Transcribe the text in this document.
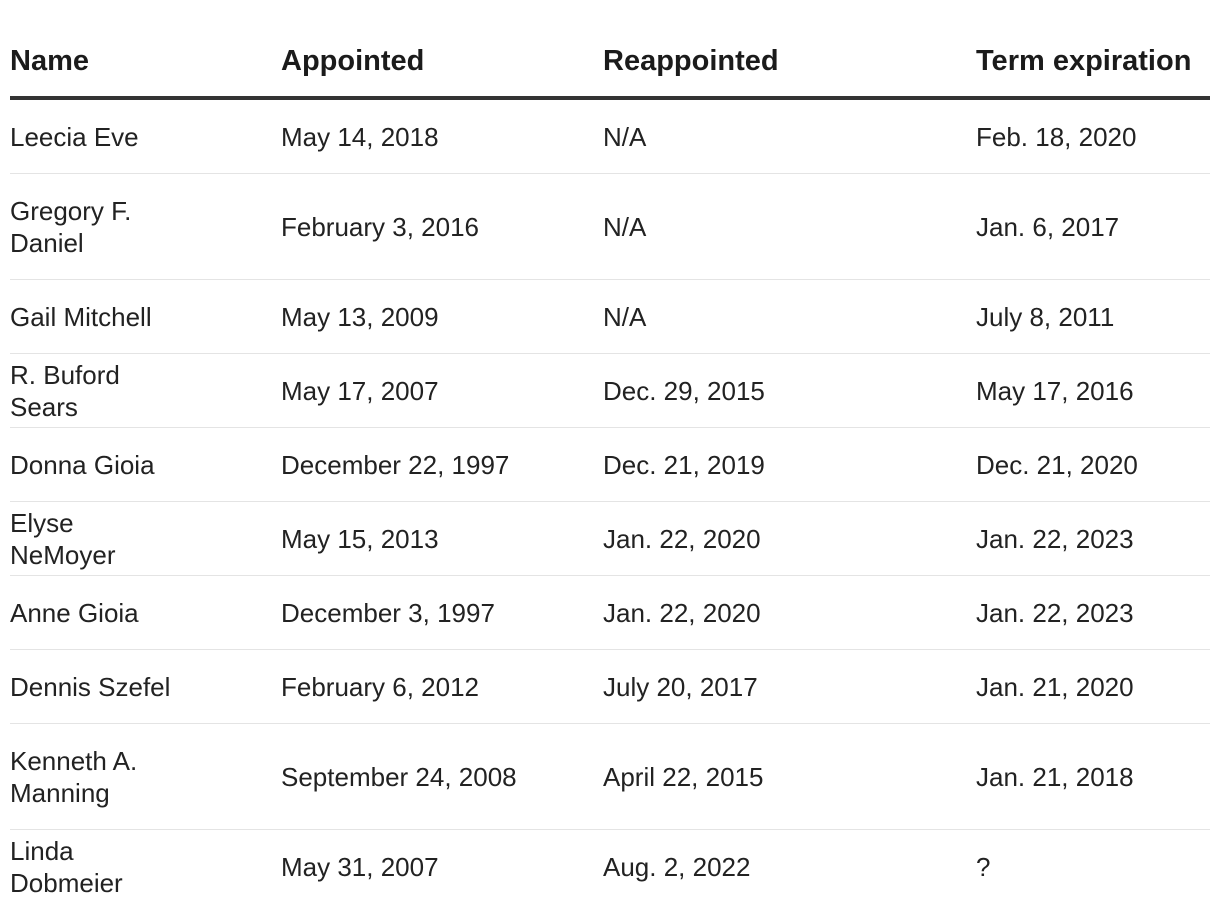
Name	Appointed	Reappointed	Term expiration
Leecia Eve	May 14, 2018	N/A	Feb. 18, 2020
Gregory F. Daniel	February 3, 2016	N/A	Jan. 6, 2017
Gail Mitchell	May 13, 2009	N/A	July 8, 2011
R. Buford Sears	May 17, 2007	Dec. 29, 2015	May 17, 2016
Donna Gioia	December 22, 1997	Dec. 21, 2019	Dec. 21, 2020
Elyse NeMoyer	May 15, 2013	Jan. 22, 2020	Jan. 22, 2023
Anne Gioia	December 3, 1997	Jan. 22, 2020	Jan. 22, 2023
Dennis Szefel	February 6, 2012	July 20, 2017	Jan. 21, 2020
Kenneth A. Manning	September 24, 2008	April 22, 2015	Jan. 21, 2018
Linda Dobmeier	May 31, 2007	Aug. 2, 2022	?
